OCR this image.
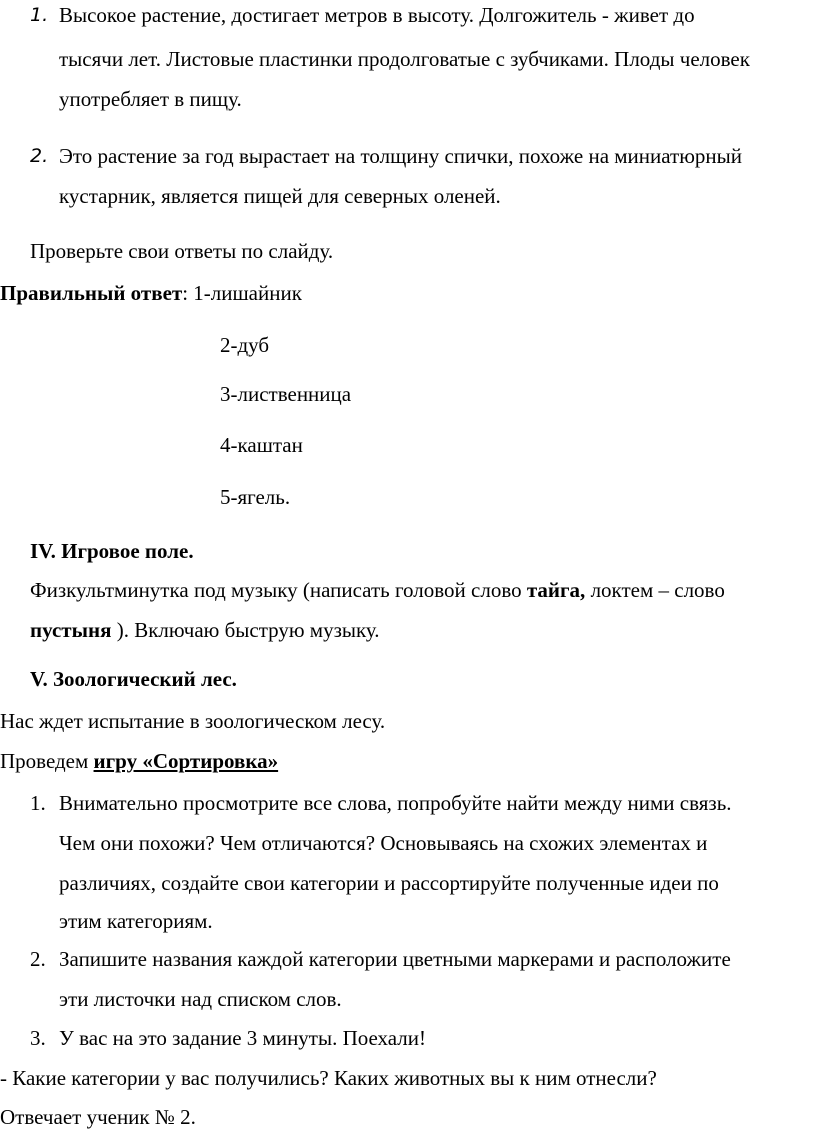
1. Высокое растение, достигает метров в высоту. Долгожитель - живет до
тысячи лет. Листовые пластинки продолговатые с зубчиками. Плоды человек
употребляет в пищу.
2. Это растение за год вырастает на толщину спички, похоже на миниатюрный
кустарник, является пищей для северных оленей.
Проверьте свои ответы по слайду.
Правильный ответ: 1-лишайник
2-дуб
3-лиственница
4-каштан
5-ягель.
IV. Игровое поле.
Физкультминутка под музыку (написать головой слово тайга, локтем – слово
пустыня ). Включаю быструю музыку.
V. Зоологический лес.
Нас ждет испытание в зоологическом лесу.
Проведем игру «Сортировка»
1. Внимательно просмотрите все слова, попробуйте найти между ними связь.
Чем они похожи? Чем отличаются? Основываясь на схожих элементах и
различиях, создайте свои категории и рассортируйте полученные идеи по
этим категориям.
2. Запишите названия каждой категории цветными маркерами и расположите
эти листочки над списком слов.
3. У вас на это задание 3 минуты. Поехали!
- Какие категории у вас получились? Каких животных вы к ним отнесли?
Отвечает ученик № 2.
